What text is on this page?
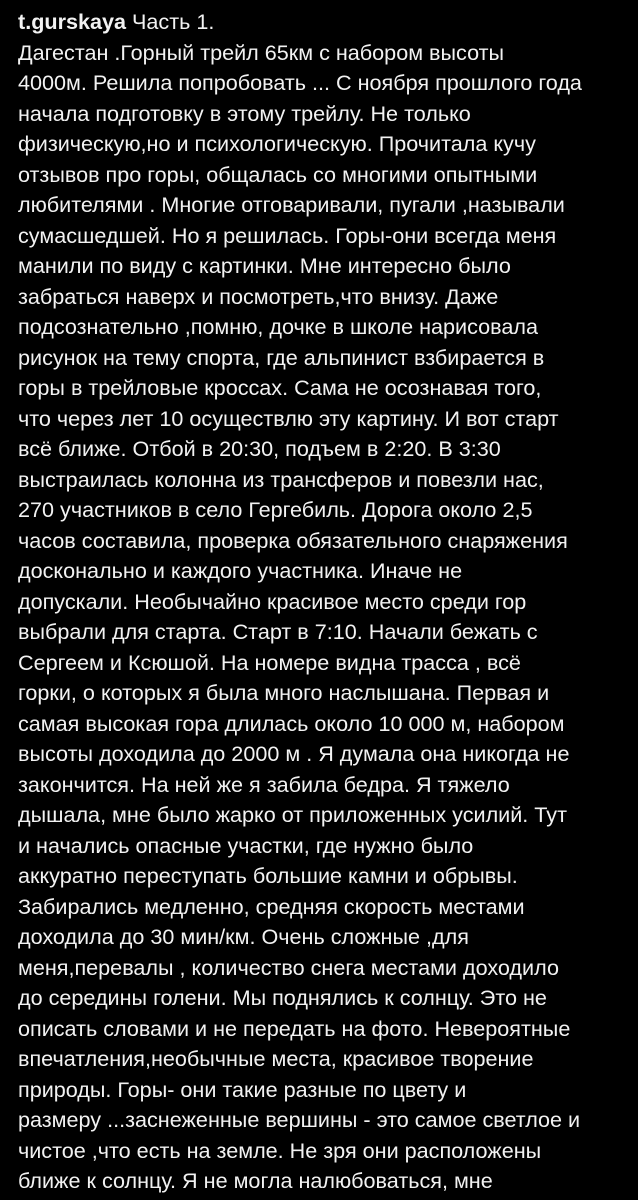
t.gurskaya Часть 1.
Дагестан .Горный трейл 65км с набором высоты
4000м. Решила попробовать ... С ноября прошлого года
начала подготовку в этому трейлу. Не только
физическую,но и психологическую. Прочитала кучу
отзывов про горы, общалась со многими опытными
любителями . Многие отговаривали, пугали ,называли
сумасшедшей. Но я решилась. Горы-они всегда меня
манили по виду с картинки. Мне интересно было
забраться наверх и посмотреть,что внизу. Даже
подсознательно ,помню, дочке в школе нарисовала
рисунок на тему спорта, где альпинист взбирается в
горы в трейловые кроссах. Сама не осознавая того,
что через лет 10 осуществлю эту картину. И вот старт
всё ближе. Отбой в 20:30, подъем в 2:20. В 3:30
выстраилась колонна из трансферов и повезли нас,
270 участников в село Гергебиль. Дорога около 2,5
часов составила, проверка обязательного снаряжения
досконально и каждого участника. Иначе не
допускали. Необычайно красивое место среди гор
выбрали для старта. Старт в 7:10. Начали бежать с
Сергеем и Ксюшой. На номере видна трасса , всё
горки, о которых я была много наслышана. Первая и
самая высокая гора длилась около 10 000 м, набором
высоты доходила до 2000 м . Я думала она никогда не
закончится. На ней же я забила бедра. Я тяжело
дышала, мне было жарко от приложенных усилий. Тут
и начались опасные участки, где нужно было
аккуратно переступать большие камни и обрывы.
Забирались медленно, средняя скорость местами
доходила до 30 мин/км. Очень сложные ,для
меня,перевалы , количество снега местами доходило
до середины голени. Мы поднялись к солнцу. Это не
описать словами и не передать на фото. Невероятные
впечатления,необычные места, красивое творение
природы. Горы- они такие разные по цвету и
размеру ...заснеженные вершины - это самое светлое и
чистое ,что есть на земле. Не зря они расположены
ближе к солнцу. Я не могла налюбоваться, мне
